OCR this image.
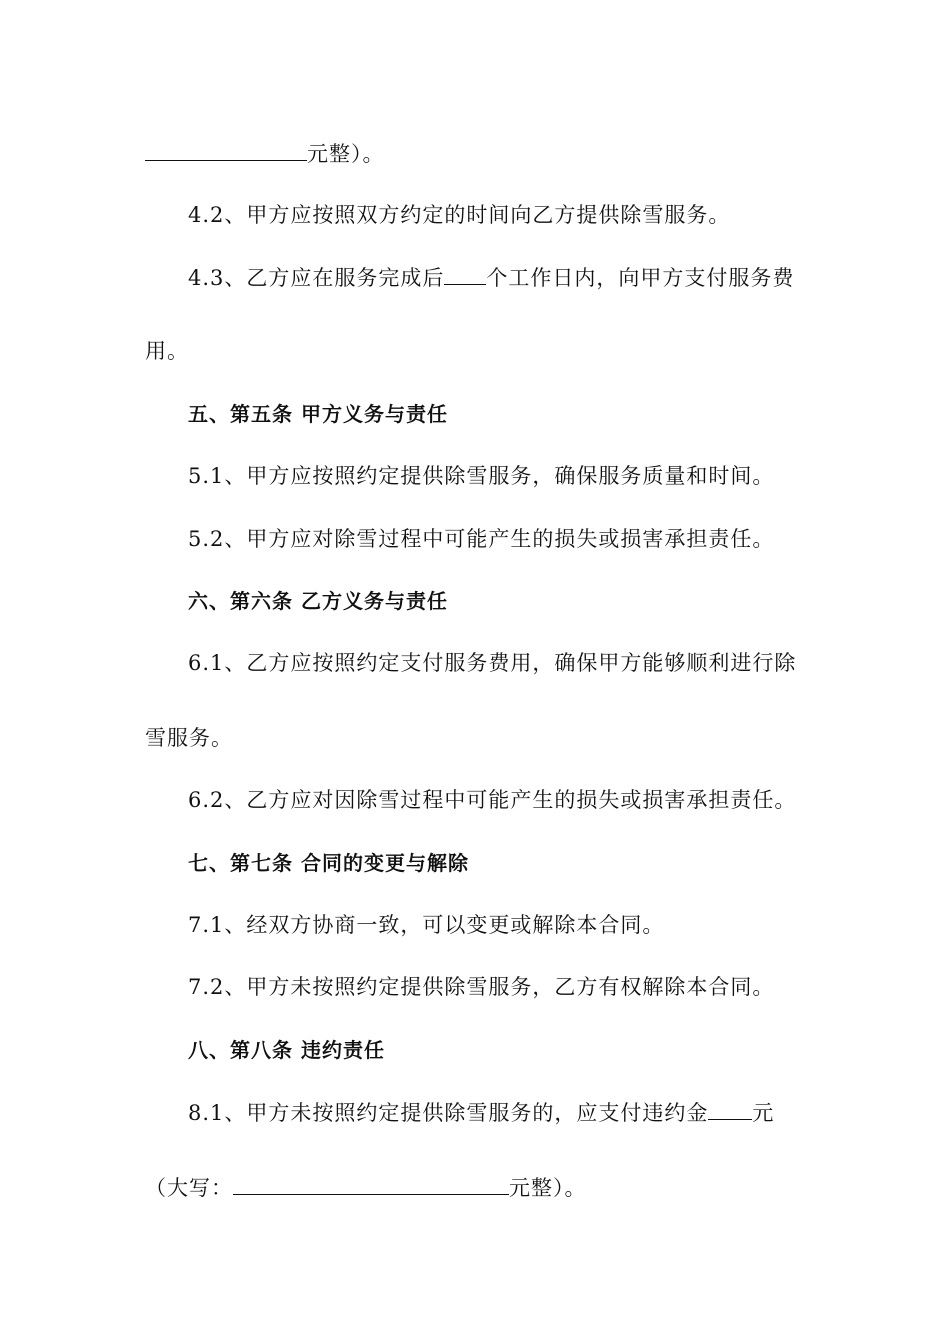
元整）。
4.2、甲方应按照双方约定的时间向乙方提供除雪服务。
4.3、乙方应在服务完成后 个工作日内，向甲方支付服务费
用。
五、第五条 甲方义务与责任
5.1、甲方应按照约定提供除雪服务，确保服务质量和时间。
5.2、甲方应对除雪过程中可能产生的损失或损害承担责任。
六、第六条 乙方义务与责任
6.1、乙方应按照约定支付服务费用，确保甲方能够顺利进行除
雪服务。
6.2、乙方应对因除雪过程中可能产生的损失或损害承担责任。
七、第七条 合同的变更与解除
7.1、经双方协商一致，可以变更或解除本合同。
7.2、甲方未按照约定提供除雪服务，乙方有权解除本合同。
八、第八条 违约责任
8.1、甲方未按照约定提供除雪服务的，应支付违约金 元
（大写：	元整）。
